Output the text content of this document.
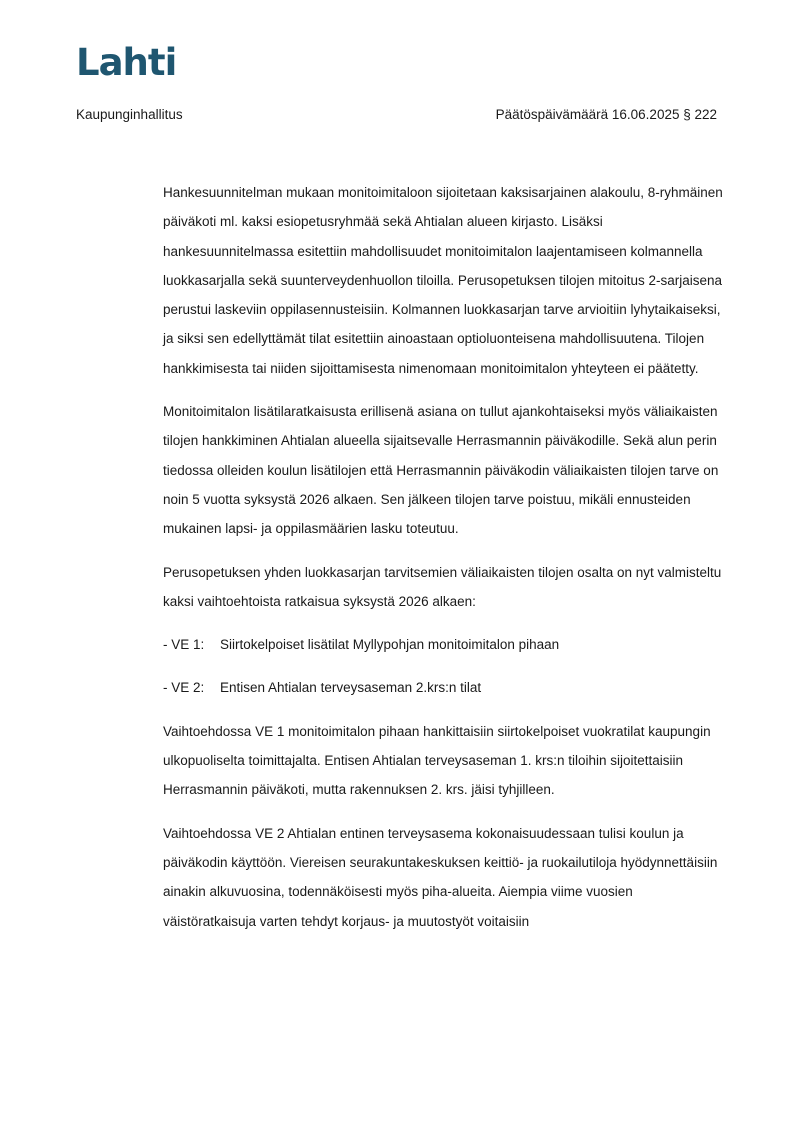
Lahti
Kaupunginhallitus	Päätöspäivämäärä 16.06.2025 § 222

Hankesuunnitelman mukaan monitoimitaloon sijoitetaan kaksisarjainen alakoulu, 8-ryhmäinen päiväkoti ml. kaksi esiopetusryhmää sekä Ahtialan alueen kirjasto. Lisäksi hankesuunnitelmassa esitettiin mahdollisuudet monitoimitalon laajentamiseen kolmannella luokkasarjalla sekä suunterveydenhuollon tiloilla. Perusopetuksen tilojen mitoitus 2-sarjaisena perustui laskeviin oppilasennusteisiin. Kolmannen luokkasarjan tarve arvioitiin lyhytaikaiseksi, ja siksi sen edellyttämät tilat esitettiin ainoastaan optioluonteisena mahdollisuutena. Tilojen hankkimisesta tai niiden sijoittamisesta nimenomaan monitoimitalon yhteyteen ei päätetty.

Monitoimitalon lisätilaratkaisusta erillisenä asiana on tullut ajankohtaiseksi myös väliaikaisten tilojen hankkiminen Ahtialan alueella sijaitsevalle Herrasmannin päiväkodille. Sekä alun perin tiedossa olleiden koulun lisätilojen että Herrasmannin päiväkodin väliaikaisten tilojen tarve on noin 5 vuotta syksystä 2026 alkaen. Sen jälkeen tilojen tarve poistuu, mikäli ennusteiden mukainen lapsi- ja oppilasmäärien lasku toteutuu.

Perusopetuksen yhden luokkasarjan tarvitsemien väliaikaisten tilojen osalta on nyt valmisteltu kaksi vaihtoehtoista ratkaisua syksystä 2026 alkaen:

- VE 1: Siirtokelpoiset lisätilat Myllypohjan monitoimitalon pihaan

- VE 2: Entisen Ahtialan terveysaseman 2.krs:n tilat

Vaihtoehdossa VE 1 monitoimitalon pihaan hankittaisiin siirtokelpoiset vuokratilat kaupungin ulkopuoliselta toimittajalta. Entisen Ahtialan terveysaseman 1. krs:n tiloihin sijoitettaisiin Herrasmannin päiväkoti, mutta rakennuksen 2. krs. jäisi tyhjilleen.

Vaihtoehdossa VE 2 Ahtialan entinen terveysasema kokonaisuudessaan tulisi koulun ja päiväkodin käyttöön. Viereisen seurakuntakeskuksen keittiö- ja ruokailutiloja hyödynnettäisiin ainakin alkuvuosina, todennäköisesti myös piha-alueita. Aiempia viime vuosien väistöratkaisuja varten tehdyt korjaus- ja muutostyöt voitaisiin
